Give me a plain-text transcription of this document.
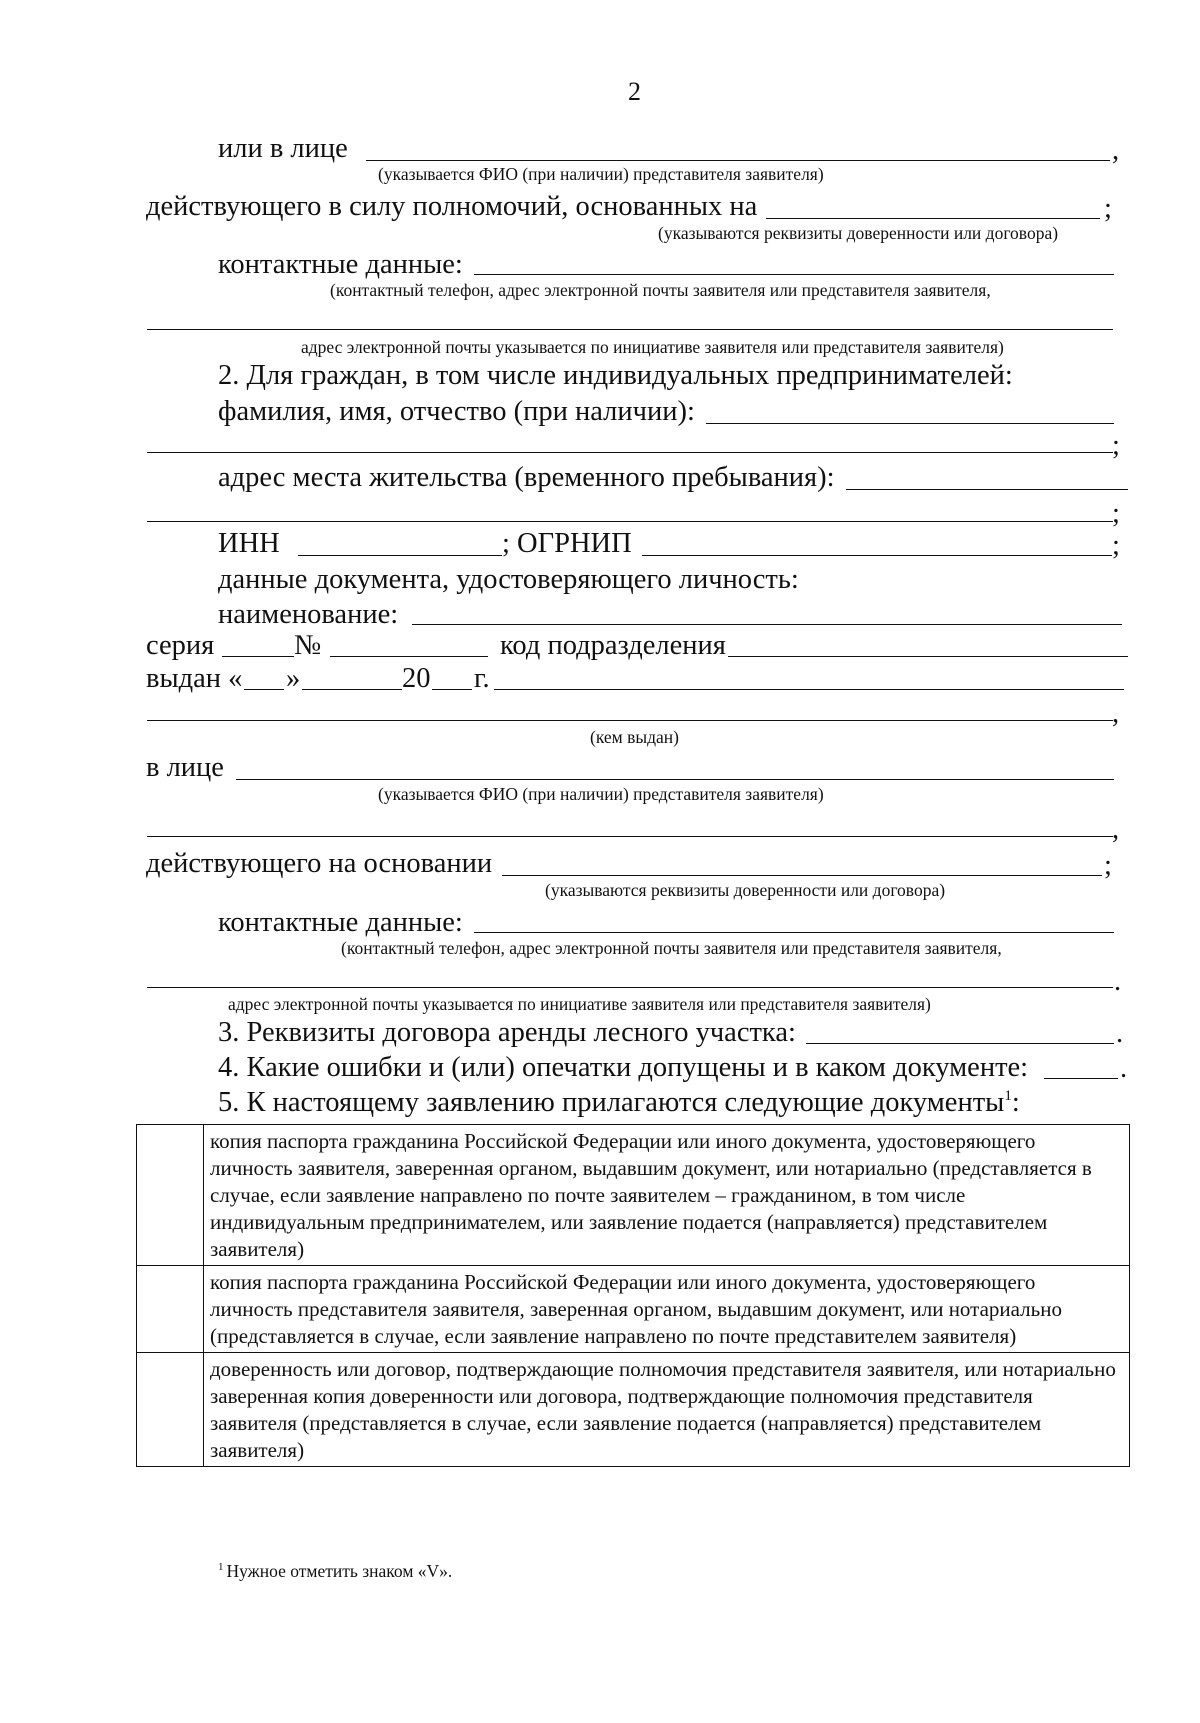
2
или в лице	,
(указывается ФИО (при наличии) представителя заявителя)
действующего в силу полномочий, основанных на	;
(указываются реквизиты доверенности или договора)
контактные данные:
(контактный телефон, адрес электронной почты заявителя или представителя заявителя,
адрес электронной почты указывается по инициативе заявителя или представителя заявителя)
2. Для граждан, в том числе индивидуальных предпринимателей:
фамилия, имя, отчество (при наличии):
;
адрес места жительства (временного пребывания):
;
ИНН	; ОГРНИП	;
данные документа, удостоверяющего личность:
наименование:
серия	№	код подразделения
выдан « »	20 г.
,
(кем выдан)
в лице
(указывается ФИО (при наличии) представителя заявителя)
,
действующего на основании	;
(указываются реквизиты доверенности или договора)
контактные данные:
(контактный телефон, адрес электронной почты заявителя или представителя заявителя,
.
адрес электронной почты указывается по инициативе заявителя или представителя заявителя)
3. Реквизиты договора аренды лесного участка:	.
4. Какие ошибки и (или) опечатки допущены и в каком документе:	.
5. К настоящему заявлению прилагаются следующие документы$^1$:
	копия паспорта гражданина Российской Федерации или иного документа, удостоверяющего личность заявителя, заверенная органом, выдавшим документ, или нотариально (представляется в случае, если заявление направлено по почте заявителем – гражданином, в том числе индивидуальным предпринимателем, или заявление подается (направляется) представителем заявителя)
	копия паспорта гражданина Российской Федерации или иного документа, удостоверяющего личность представителя заявителя, заверенная органом, выдавшим документ, или нотариально (представляется в случае, если заявление направлено по почте представителем заявителя)
	доверенность или договор, подтверждающие полномочия представителя заявителя, или нотариально заверенная копия доверенности или договора, подтверждающие полномочия представителя заявителя (представляется в случае, если заявление подается (направляется) представителем заявителя)
$^1$ Нужное отметить знаком «V».
